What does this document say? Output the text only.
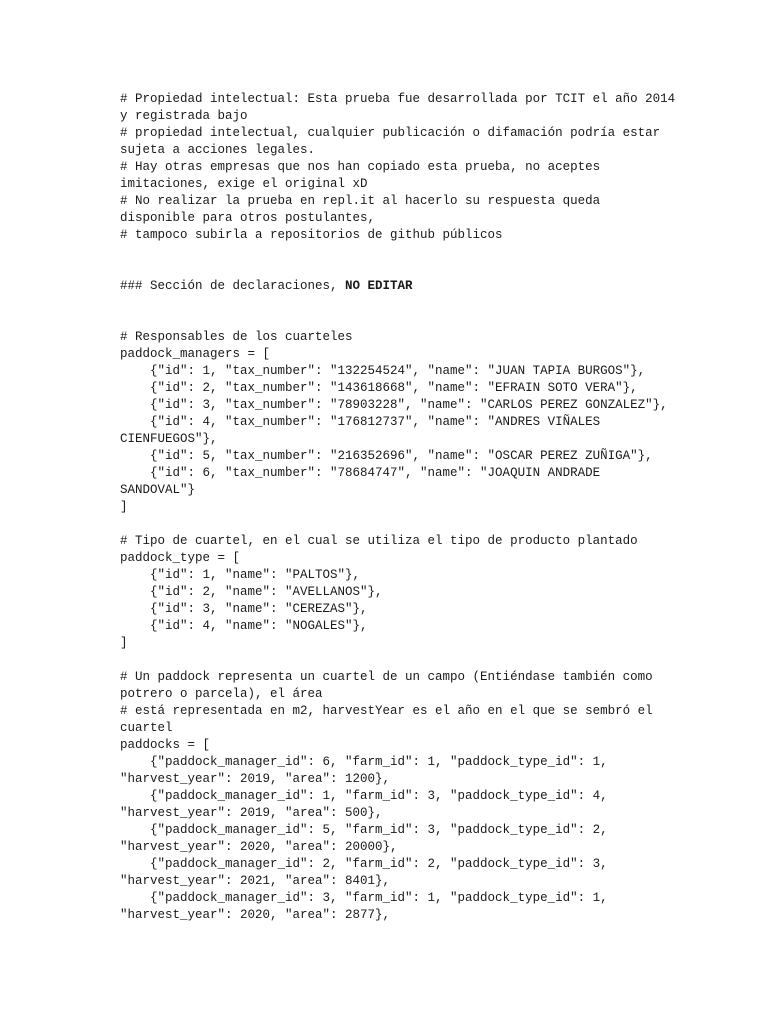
# Propiedad intelectual: Esta prueba fue desarrollada por TCIT el año 2014
y registrada bajo
# propiedad intelectual, cualquier publicación o difamación podría estar
sujeta a acciones legales.
# Hay otras empresas que nos han copiado esta prueba, no aceptes
imitaciones, exige el original xD
# No realizar la prueba en repl.it al hacerlo su respuesta queda
disponible para otros postulantes,
# tampoco subirla a repositorios de github públicos
### Sección de declaraciones, NO EDITAR
# Responsables de los cuarteles
paddock_managers = [
{"id": 1, "tax_number": "132254524", "name": "JUAN TAPIA BURGOS"},
{"id": 2, "tax_number": "143618668", "name": "EFRAIN SOTO VERA"},
{"id": 3, "tax_number": "78903228", "name": "CARLOS PEREZ GONZALEZ"},
{"id": 4, "tax_number": "176812737", "name": "ANDRES VIÑALES
CIENFUEGOS"},
{"id": 5, "tax_number": "216352696", "name": "OSCAR PEREZ ZUÑIGA"},
{"id": 6, "tax_number": "78684747", "name": "JOAQUIN ANDRADE
SANDOVAL"}
]
# Tipo de cuartel, en el cual se utiliza el tipo de producto plantado
paddock_type = [
{"id": 1, "name": "PALTOS"},
{"id": 2, "name": "AVELLANOS"},
{"id": 3, "name": "CEREZAS"},
{"id": 4, "name": "NOGALES"},
]
# Un paddock representa un cuartel de un campo (Entiéndase también como
potrero o parcela), el área
# está representada en m2, harvestYear es el año en el que se sembró el
cuartel
paddocks = [
{"paddock_manager_id": 6, "farm_id": 1, "paddock_type_id": 1,
"harvest_year": 2019, "area": 1200},
{"paddock_manager_id": 1, "farm_id": 3, "paddock_type_id": 4,
"harvest_year": 2019, "area": 500},
{"paddock_manager_id": 5, "farm_id": 3, "paddock_type_id": 2,
"harvest_year": 2020, "area": 20000},
{"paddock_manager_id": 2, "farm_id": 2, "paddock_type_id": 3,
"harvest_year": 2021, "area": 8401},
{"paddock_manager_id": 3, "farm_id": 1, "paddock_type_id": 1,
"harvest_year": 2020, "area": 2877},
